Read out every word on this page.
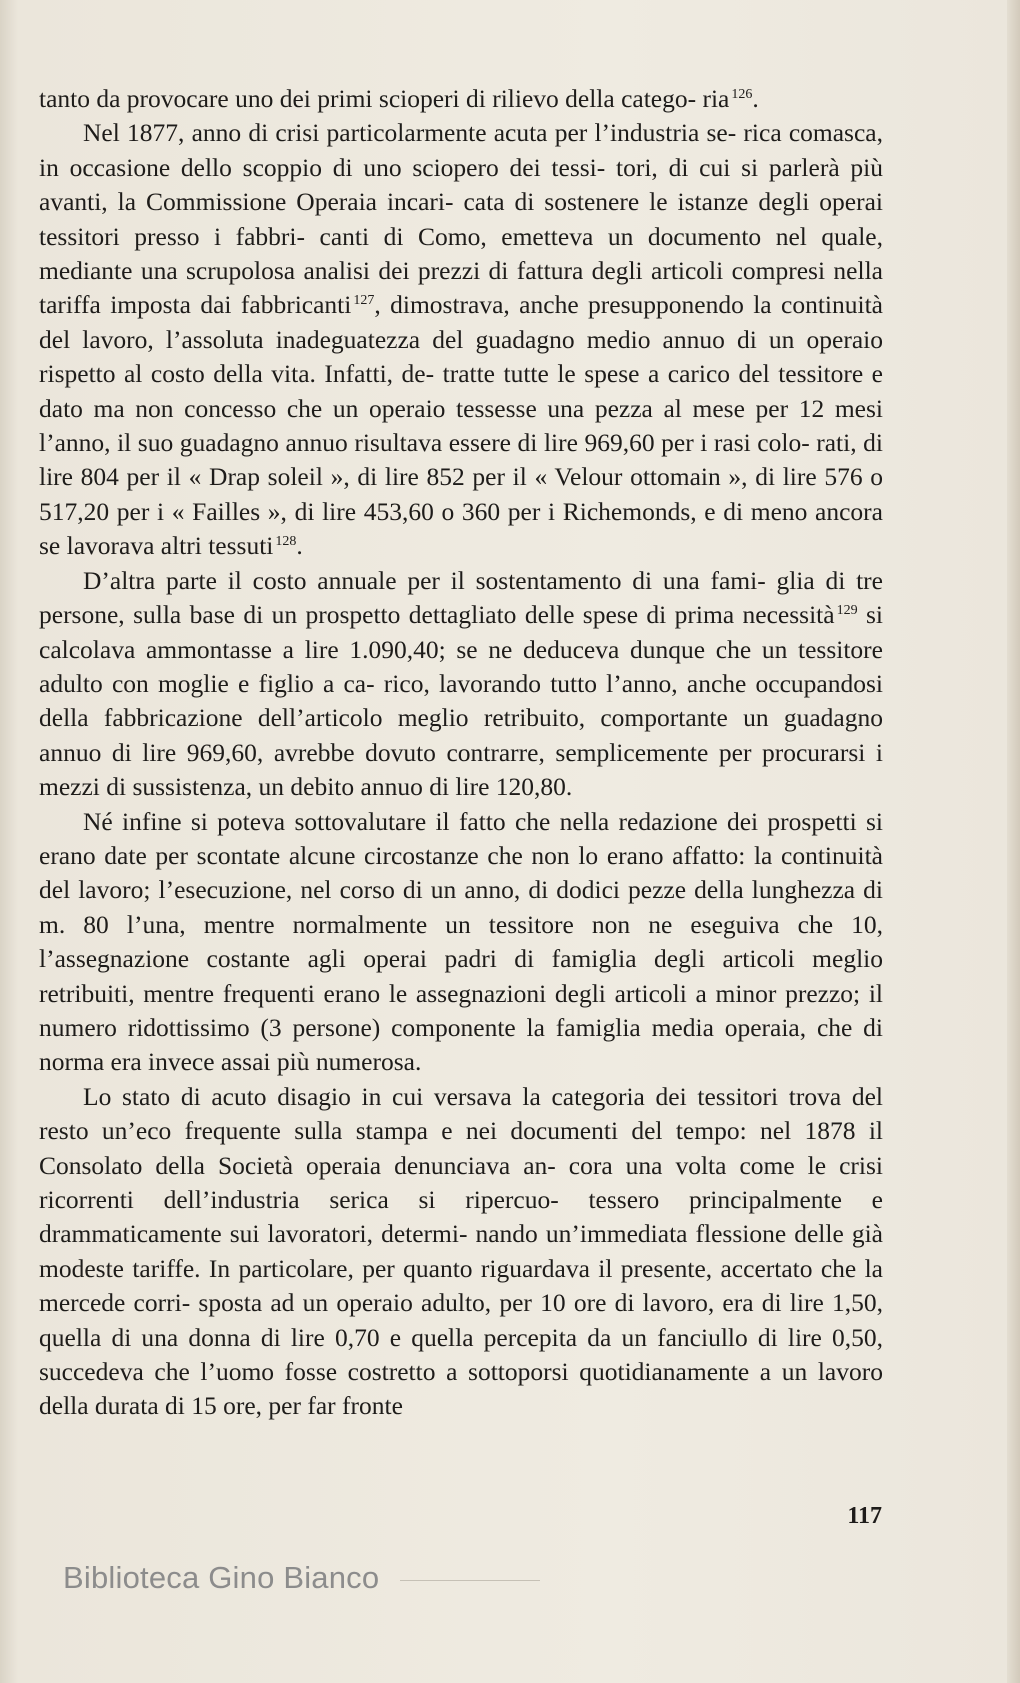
tanto da provocare uno dei primi scioperi di rilievo della catego- ria $^{126}$.

Nel 1877, anno di crisi particolarmente acuta per l’industria se- rica comasca, in occasione dello scoppio di uno sciopero dei tessi- tori, di cui si parlerà più avanti, la Commissione Operaia incari- cata di sostenere le istanze degli operai tessitori presso i fabbri- canti di Como, emetteva un documento nel quale, mediante una scrupolosa analisi dei prezzi di fattura degli articoli compresi nella tariffa imposta dai fabbricanti $^{127}$, dimostrava, anche presupponendo la continuità del lavoro, l’assoluta inadeguatezza del guadagno medio annuo di un operaio rispetto al costo della vita. Infatti, de- tratte tutte le spese a carico del tessitore e dato ma non concesso che un operaio tessesse una pezza al mese per 12 mesi l’anno, il suo guadagno annuo risultava essere di lire 969,60 per i rasi colo- rati, di lire 804 per il « Drap soleil », di lire 852 per il « Velour ottomain », di lire 576 o 517,20 per i « Failles », di lire 453,60 o 360 per i Richemonds, e di meno ancora se lavorava altri tessuti $^{128}$.

D’altra parte il costo annuale per il sostentamento di una fami- glia di tre persone, sulla base di un prospetto dettagliato delle spese di prima necessità $^{129}$ si calcolava ammontasse a lire 1.090,40; se ne deduceva dunque che un tessitore adulto con moglie e figlio a ca- rico, lavorando tutto l’anno, anche occupandosi della fabbricazione dell’articolo meglio retribuito, comportante un guadagno annuo di lire 969,60, avrebbe dovuto contrarre, semplicemente per procurarsi i mezzi di sussistenza, un debito annuo di lire 120,80.

Né infine si poteva sottovalutare il fatto che nella redazione dei prospetti si erano date per scontate alcune circostanze che non lo erano affatto: la continuità del lavoro; l’esecuzione, nel corso di un anno, di dodici pezze della lunghezza di m. 80 l’una, mentre normalmente un tessitore non ne eseguiva che 10, l’assegnazione costante agli operai padri di famiglia degli articoli meglio retribuiti, mentre frequenti erano le assegnazioni degli articoli a minor prezzo; il numero ridottissimo (3 persone) componente la famiglia media operaia, che di norma era invece assai più numerosa.

Lo stato di acuto disagio in cui versava la categoria dei tessitori trova del resto un’eco frequente sulla stampa e nei documenti del tempo: nel 1878 il Consolato della Società operaia denunciava an- cora una volta come le crisi ricorrenti dell’industria serica si ripercuo- tessero principalmente e drammaticamente sui lavoratori, determi- nando un’immediata flessione delle già modeste tariffe. In particolare, per quanto riguardava il presente, accertato che la mercede corri- sposta ad un operaio adulto, per 10 ore di lavoro, era di lire 1,50, quella di una donna di lire 0,70 e quella percepita da un fanciullo di lire 0,50, succedeva che l’uomo fosse costretto a sottoporsi quotidianamente a un lavoro della durata di 15 ore, per far fronte

117
Biblioteca Gino Bianco
